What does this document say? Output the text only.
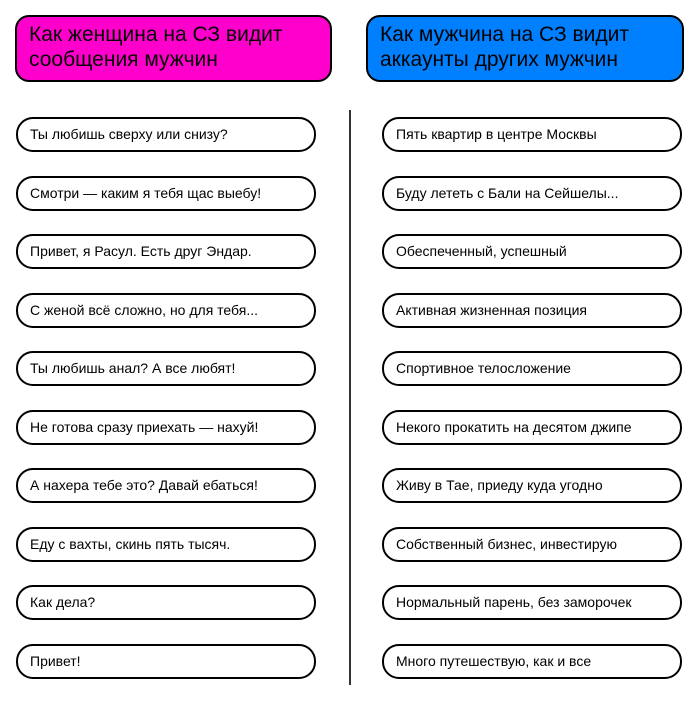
Как женщина на СЗ видит сообщения мужчин
Как мужчина на СЗ видит аккаунты других мужчин
Ты любишь сверху или снизу?
Смотри — каким я тебя щас выебу!
Привет, я Расул. Есть друг Эндар.
С женой всё сложно, но для тебя...
Ты любишь анал? А все любят!
Не готова сразу приехать — нахуй!
А нахера тебе это? Давай ебаться!
Еду с вахты, скинь пять тысяч.
Как дела?
Привет!
Пять квартир в центре Москвы
Буду лететь с Бали на Сейшелы...
Обеспеченный, успешный
Активная жизненная позиция
Спортивное телосложение
Некого прокатить на десятом джипе
Живу в Тае, приеду куда угодно
Собственный бизнес, инвестирую
Нормальный парень, без заморочек
Много путешествую, как и все
